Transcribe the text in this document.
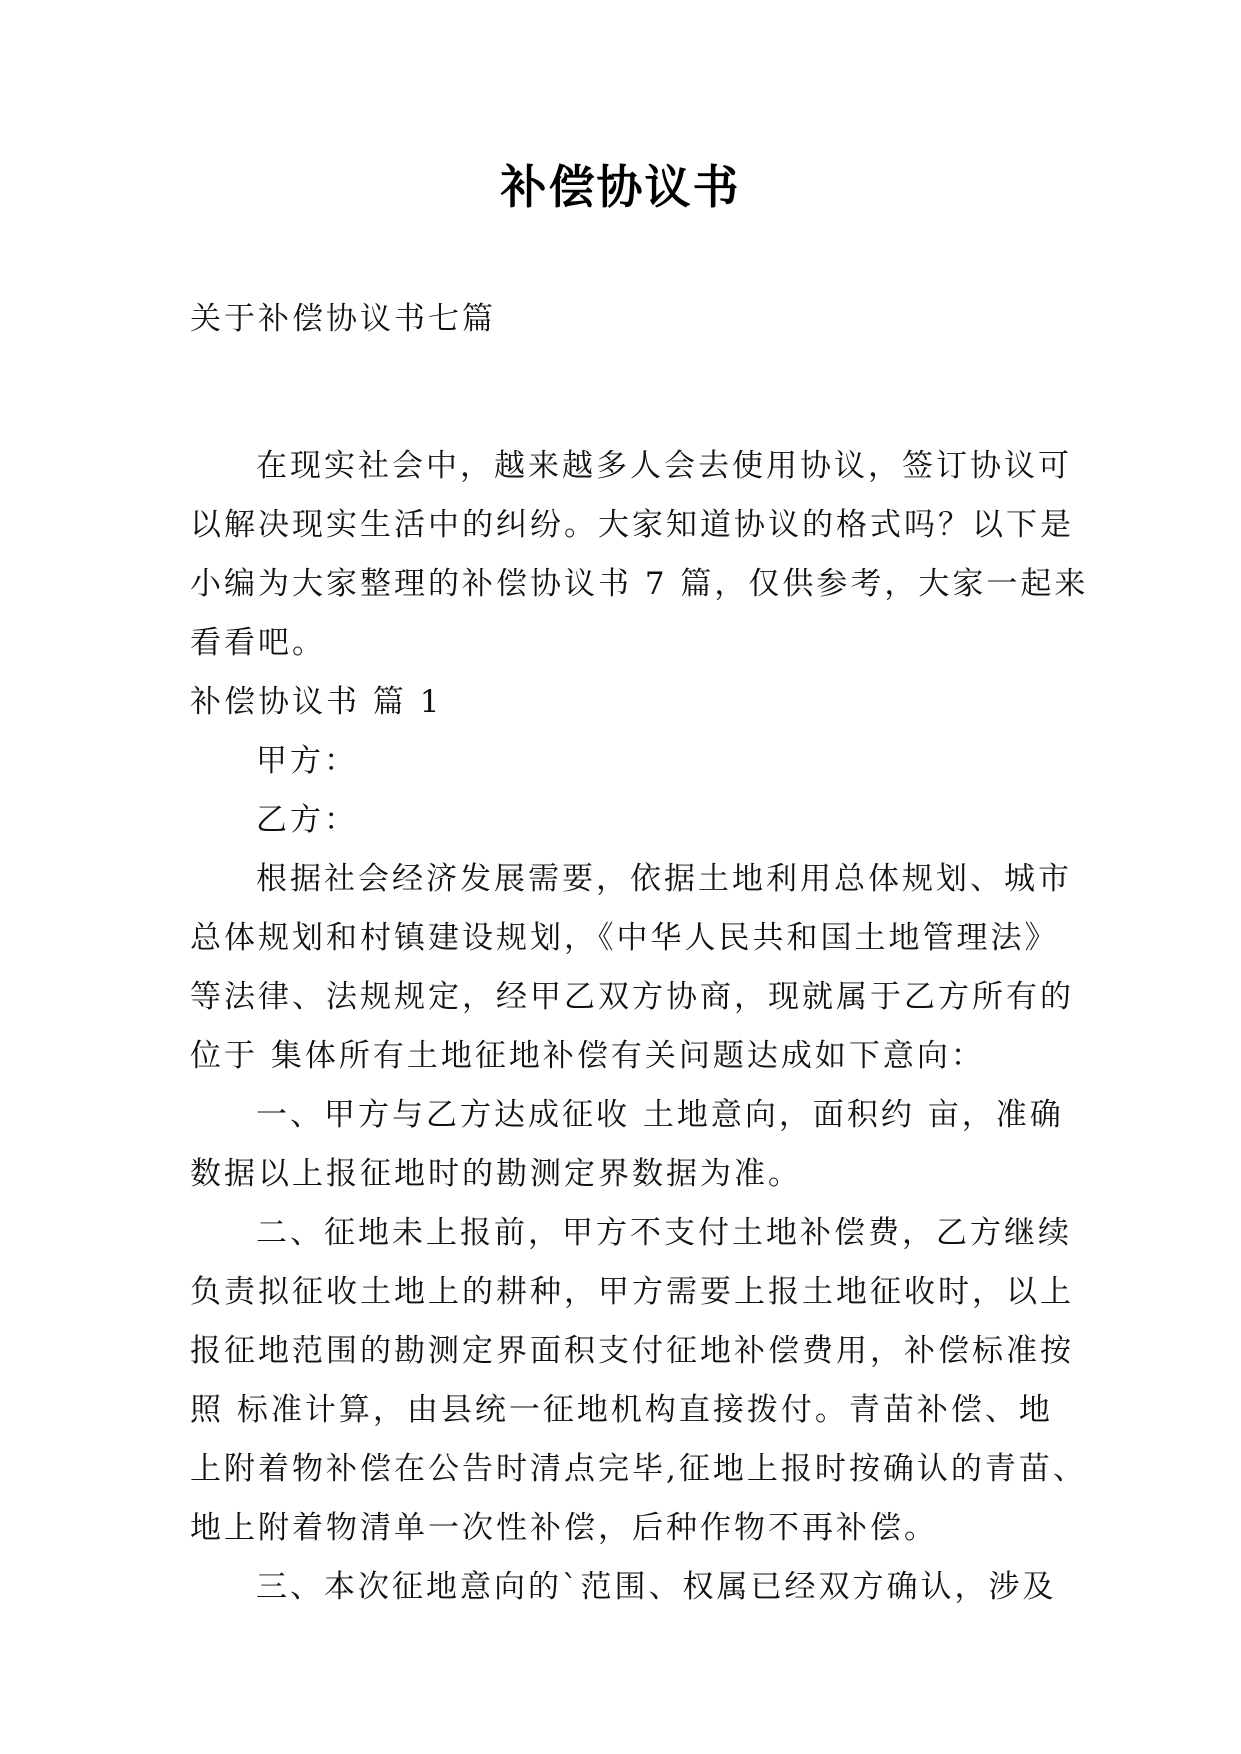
补偿协议书
关于补偿协议书七篇
在现实社会中，越来越多人会去使用协议，签订协议可
以解决现实生活中的纠纷。大家知道协议的格式吗？以下是
小编为大家整理的补偿协议书 7 篇，仅供参考，大家一起来
看看吧。
补偿协议书 篇 1
甲方：
乙方：
根据社会经济发展需要，依据土地利用总体规划、城市
总体规划和村镇建设规划，《中华人民共和国土地管理法》
等法律、法规规定，经甲乙双方协商，现就属于乙方所有的
位于 集体所有土地征地补偿有关问题达成如下意向：
一、甲方与乙方达成征收 土地意向，面积约 亩，准确
数据以上报征地时的勘测定界数据为准。
二、征地未上报前，甲方不支付土地补偿费，乙方继续
负责拟征收土地上的耕种，甲方需要上报土地征收时，以上
报征地范围的勘测定界面积支付征地补偿费用，补偿标准按
照 标准计算，由县统一征地机构直接拨付。青苗补偿、地
上附着物补偿在公告时清点完毕,征地上报时按确认的青苗、
地上附着物清单一次性补偿，后种作物不再补偿。
三、本次征地意向的`范围、权属已经双方确认，涉及
